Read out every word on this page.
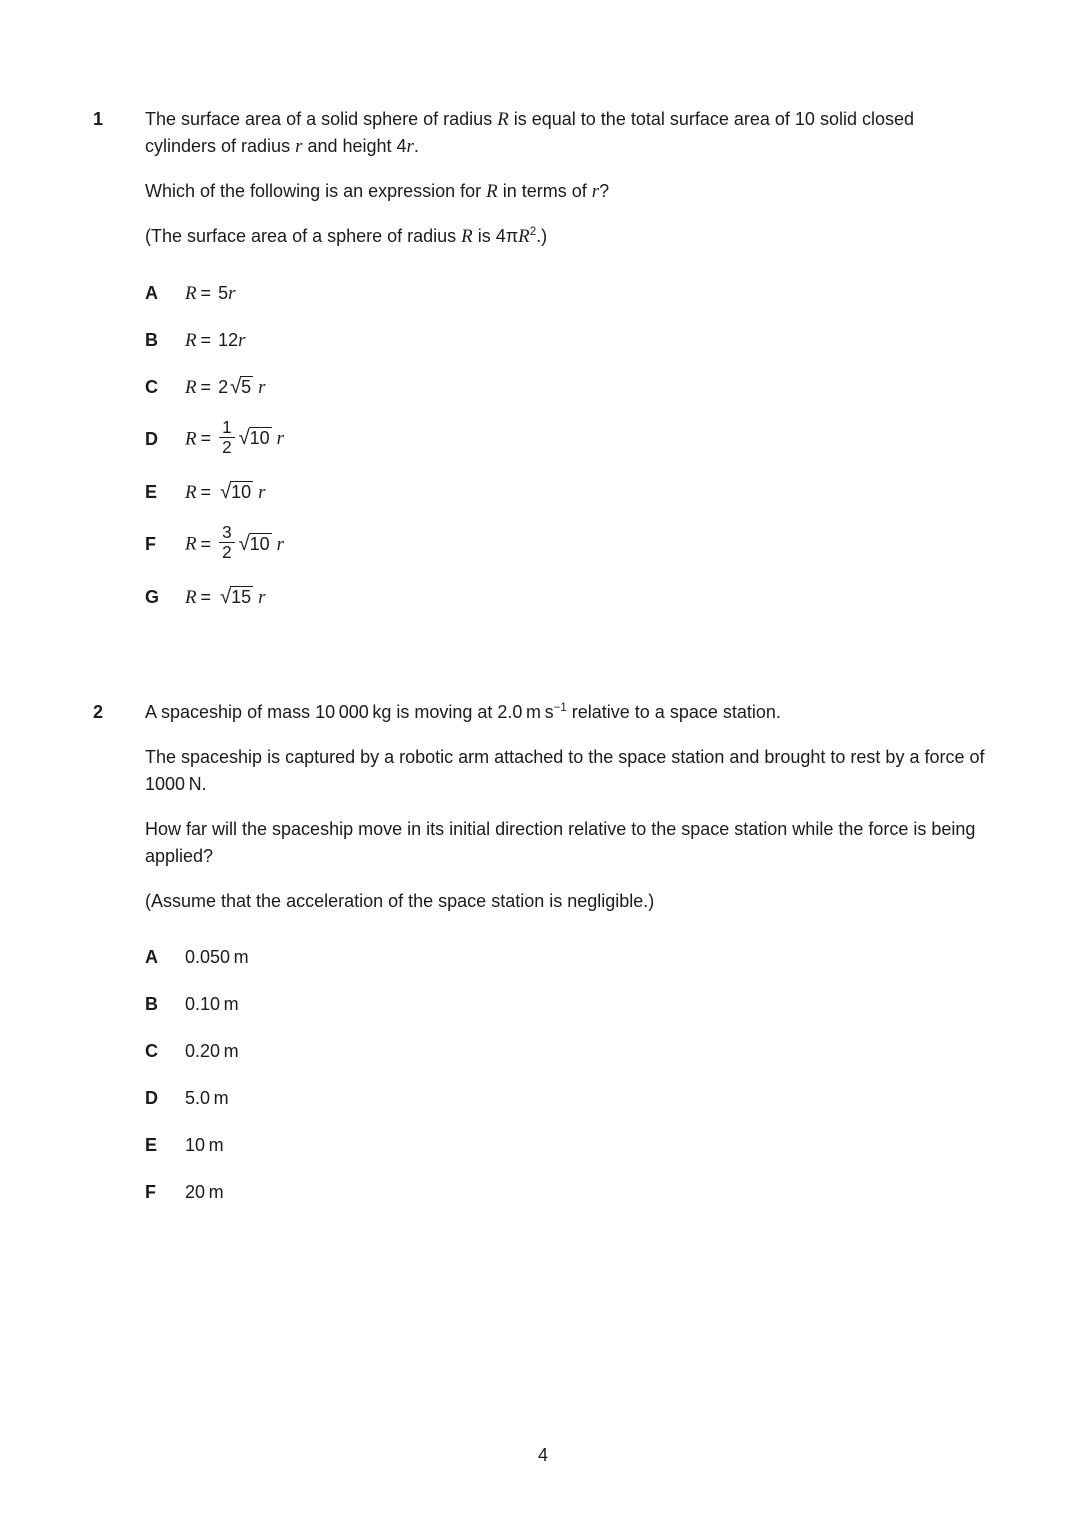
1	The surface area of a solid sphere of radius R is equal to the total surface area of 10 solid closed cylinders of radius r and height 4r.

Which of the following is an expression for R in terms of r?

(The surface area of a sphere of radius R is $4\pi R^2$.)

A	R = 5r
B	R = 12r
C	R = 2√5 r
D	$R = \frac{1}{2} √10$ r
E	R = √10 r
F	$R = \frac{3}{2} √10$ r
G	R = √15 r
2	A spaceship of mass 10 000 kg is moving at 2.0 m $s^{-1}$ relative to a space station.

The spaceship is captured by a robotic arm attached to the space station and brought to rest by a force of 1000 N.

How far will the spaceship move in its initial direction relative to the space station while the force is being applied?

(Assume that the acceleration of the space station is negligible.)

A	0.050 m
B	0.10 m
C	0.20 m
D	5.0 m
E	10 m
F	20 m
4
